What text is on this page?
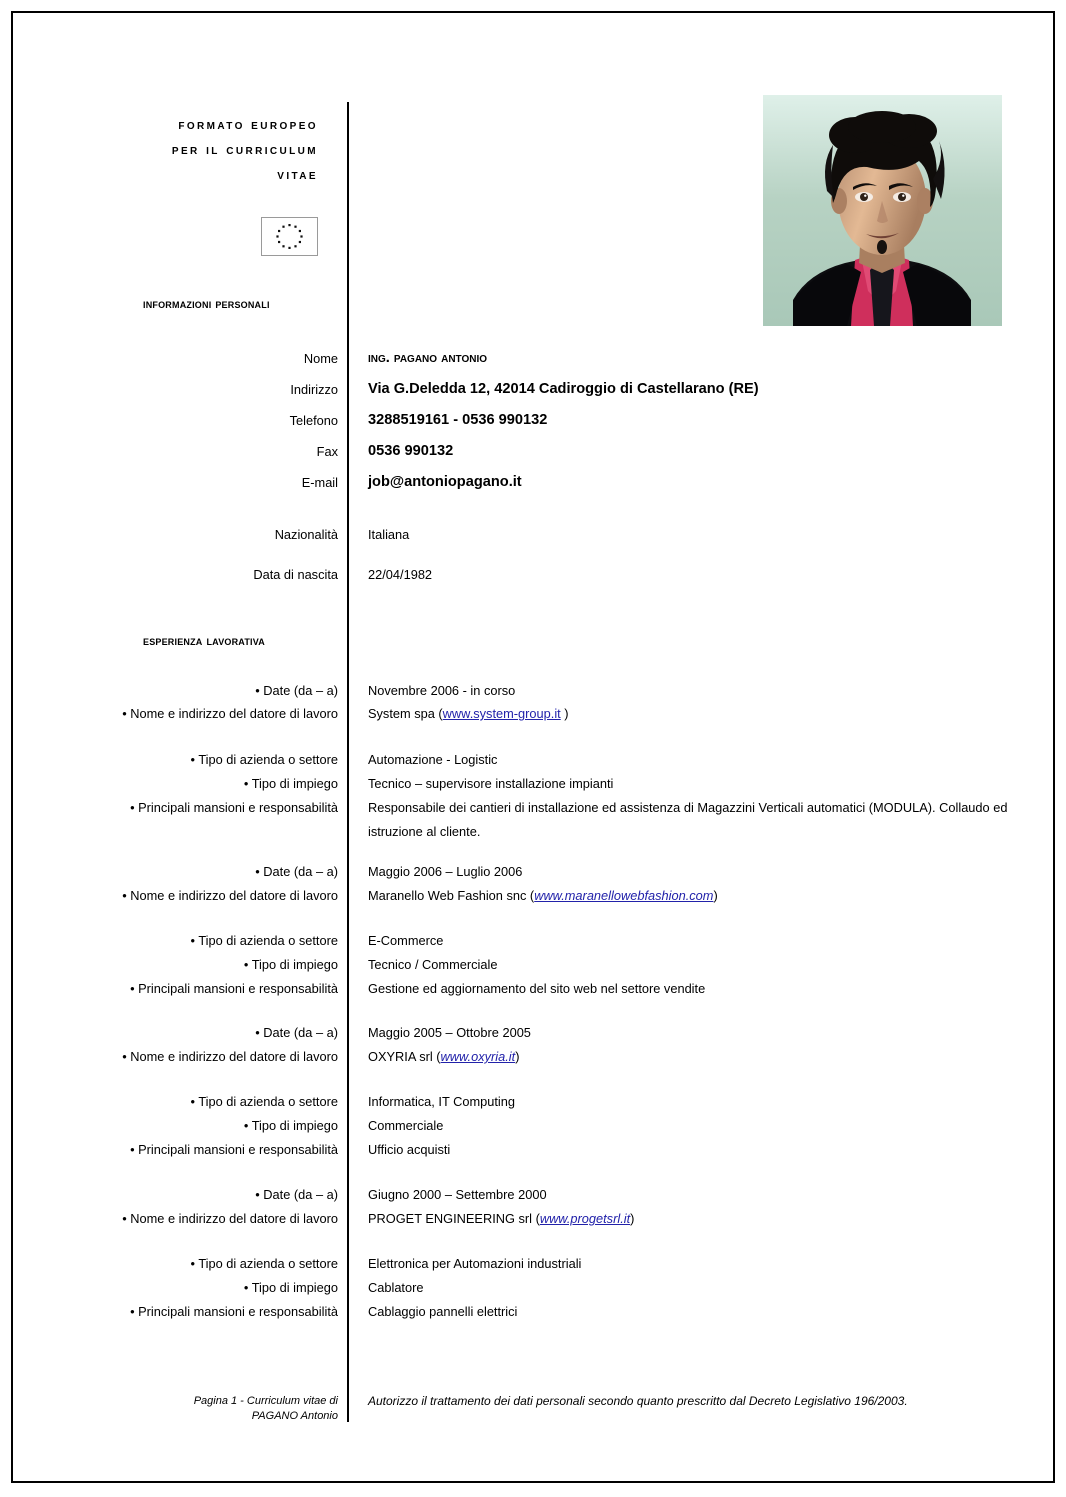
formato europeo
per il curriculum
vitae
informazioni personali
Nome ing. pagano antonio
Indirizzo Via G.Deledda 12, 42014 Cadiroggio di Castellarano (RE)
Telefono 3288519161 - 0536 990132
Fax 0536 990132
E-mail job@antoniopagano.it
Nazionalità Italiana
Data di nascita 22/04/1982
esperienza lavorativa
• Date (da – a) Novembre 2006 - in corso
• Nome e indirizzo del datore di lavoro System spa (www.system-group.it )
• Tipo di azienda o settore Automazione - Logistic
• Tipo di impiego Tecnico – supervisore installazione impianti
• Principali mansioni e responsabilità Responsabile dei cantieri di installazione ed assistenza di Magazzini Verticali automatici (MODULA). Collaudo ed istruzione al cliente.
• Date (da – a) Maggio 2006 – Luglio 2006
• Nome e indirizzo del datore di lavoro Maranello Web Fashion snc (www.maranellowebfashion.com)
• Tipo di azienda o settore E-Commerce
• Tipo di impiego Tecnico / Commerciale
• Principali mansioni e responsabilità Gestione ed aggiornamento del sito web nel settore vendite
• Date (da – a) Maggio 2005 – Ottobre 2005
• Nome e indirizzo del datore di lavoro OXYRIA srl (www.oxyria.it)
• Tipo di azienda o settore Informatica, IT Computing
• Tipo di impiego Commerciale
• Principali mansioni e responsabilità Ufficio acquisti
• Date (da – a) Giugno 2000 – Settembre 2000
• Nome e indirizzo del datore di lavoro PROGET ENGINEERING srl (www.progetsrl.it)
• Tipo di azienda o settore Elettronica per Automazioni industriali
• Tipo di impiego Cablatore
• Principali mansioni e responsabilità Cablaggio pannelli elettrici
Pagina 1 - Curriculum vitae di
PAGANO Antonio
Autorizzo il trattamento dei dati personali secondo quanto prescritto dal Decreto Legislativo 196/2003.
